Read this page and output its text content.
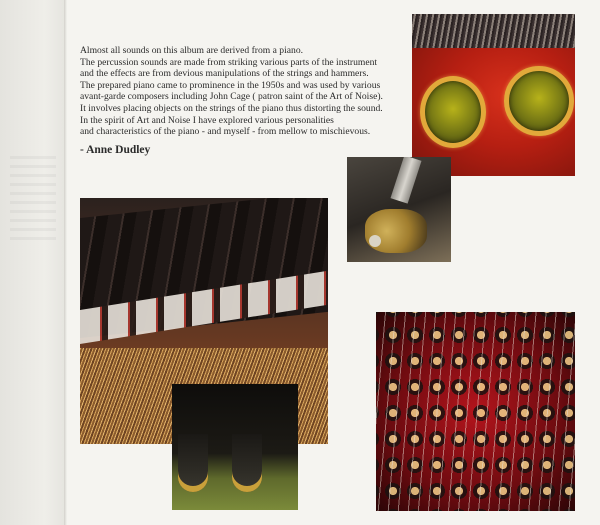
Almost all sounds on this album are derived from a piano.

The percussion sounds are made from striking various parts of the instrument

and the effects are from devious manipulations of the strings and hammers.

The prepared piano came to prominence in the 1950s and was used by various

avant-garde composers including John Cage ( patron saint of the Art of Noise).

It involves placing objects on the strings of the piano thus distorting the sound.

In the spirit of Art and Noise I have explored various personalities

and characteristics of the piano - and myself - from mellow to mischievous.

- Anne Dudley
